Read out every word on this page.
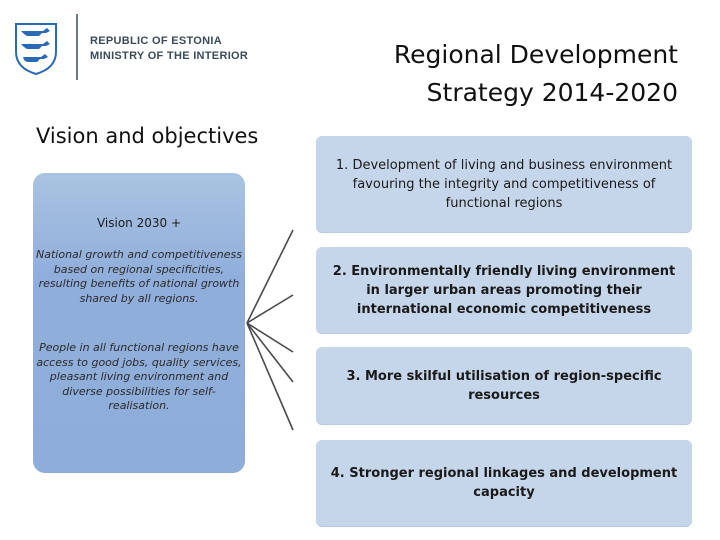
REPUBLIC OF ESTONIA
MINISTRY OF THE INTERIOR	Regional Development
Strategy 2014-2020
Vision and objectives
Vision 2030 +
National growth and competitiveness based on regional specificities, resulting benefits of national growth shared by all regions.
People in all functional regions have access to good jobs, quality services, pleasant living environment and diverse possibilities for self-realisation.
1. Development of living and business environment favouring the integrity and competitiveness of functional regions
2. Environmentally friendly living environment in larger urban areas promoting their international economic competitiveness
3. More skilful utilisation of region-specific resources
4. Stronger regional linkages and development capacity
